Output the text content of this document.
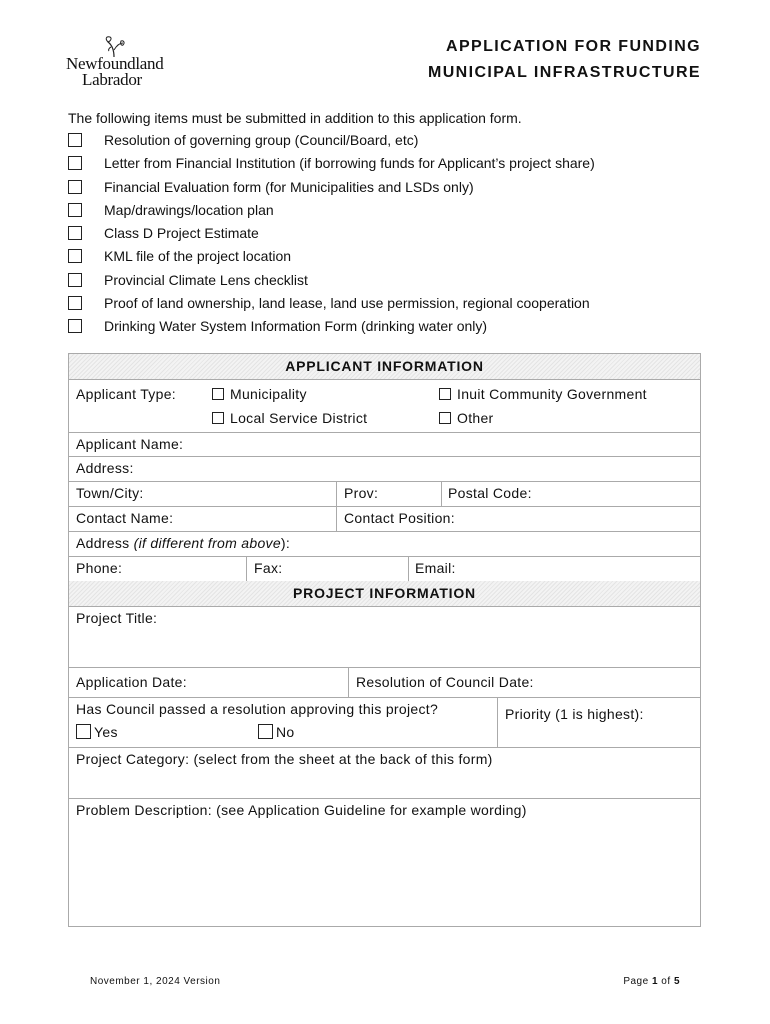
Newfoundland
Labrador
APPLICATION FOR FUNDING
MUNICIPAL INFRASTRUCTURE
The following items must be submitted in addition to this application form.
Resolution of governing group (Council/Board, etc)
Letter from Financial Institution (if borrowing funds for Applicant’s project share)
Financial Evaluation form (for Municipalities and LSDs only)
Map/drawings/location plan
Class D Project Estimate
KML file of the project location
Provincial Climate Lens checklist
Proof of land ownership, land lease, land use permission, regional cooperation
Drinking Water System Information Form (drinking water only)
APPLICANT INFORMATION
Applicant Type:	Municipality	Inuit Community Government
Local Service District	Other
Applicant Name:
Address:
Town/City:	Prov:	Postal Code:
Contact Name:	Contact Position:
Address (if different from above):
Phone:	Fax:	Email:
PROJECT INFORMATION
Project Title:
Application Date:	Resolution of Council Date:
Has Council passed a resolution approving this project?
Yes	No
Priority (1 is highest):
Project Category: (select from the sheet at the back of this form)
Problem Description: (see Application Guideline for example wording)
November 1, 2024 Version	Page 1 of 5
